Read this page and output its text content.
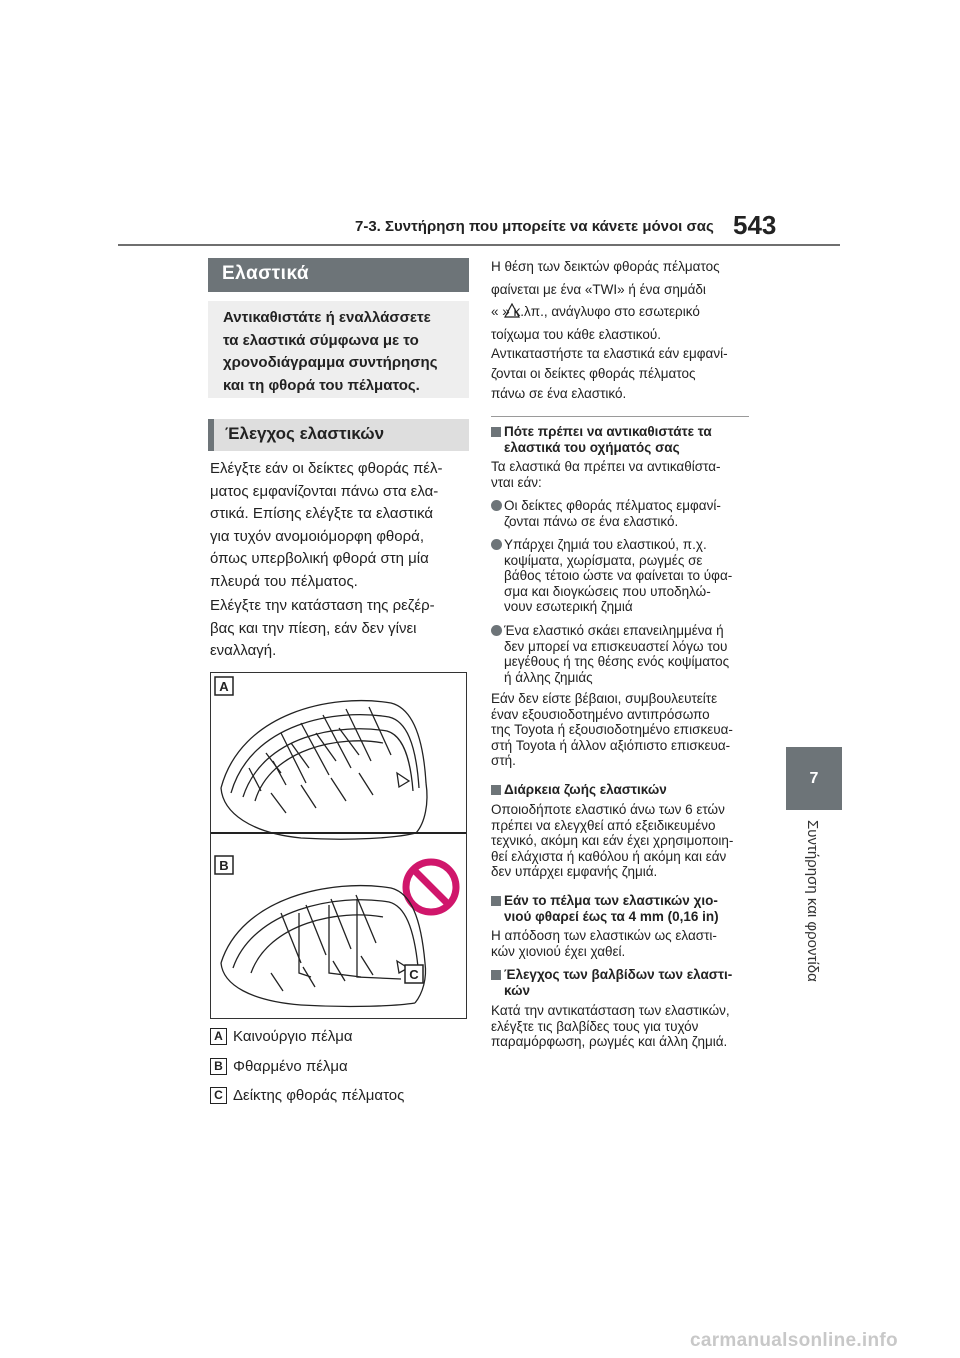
7-3. Συντήρηση που μπορείτε να κάνετε μόνοι σας 543
7
Συντήρηση και φροντίδα
Ελαστικά
Αντικαθιστάτε ή εναλλάσσετε
τα ελαστικά σύμφωνα με το
χρονοδιάγραμμα συντήρησης
και τη φθορά του πέλματος.
Έλεγχος ελαστικών
Ελέγξτε εάν οι δείκτες φθοράς πέλ-
ματος εμφανίζονται πάνω στα ελα-
στικά. Επίσης ελέγξτε τα ελαστικά
για τυχόν ανομοιόμορφη φθορά,
όπως υπερβολική φθορά στη μία
πλευρά του πέλματος.
Ελέγξτε την κατάσταση της ρεζέρ-
βας και την πίεση, εάν δεν γίνει
εναλλαγή.
A
B
C
A Καινούργιο πέλμα
B Φθαρμένο πέλμα
C Δείκτης φθοράς πέλματος
Η θέση των δεικτών φθοράς πέλματος
φαίνεται με ένα «TWI» ή ένα σημάδι
« » κ.λπ., ανάγλυφο στο εσωτερικό
τοίχωμα του κάθε ελαστικού.
Αντικαταστήστε τα ελαστικά εάν εμφανί-
ζονται οι δείκτες φθοράς πέλματος
πάνω σε ένα ελαστικό.
Πότε πρέπει να αντικαθιστάτε τα
ελαστικά του οχήματός σας
Τα ελαστικά θα πρέπει να αντικαθίστα-
νται εάν:
Οι δείκτες φθοράς πέλματος εμφανί-
ζονται πάνω σε ένα ελαστικό.
Υπάρχει ζημιά του ελαστικού, π.χ.
κοψίματα, χωρίσματα, ρωγμές σε
βάθος τέτοιο ώστε να φαίνεται το ύφα-
σμα και διογκώσεις που υποδηλώ-
νουν εσωτερική ζημιά
Ένα ελαστικό σκάει επανειλημμένα ή
δεν μπορεί να επισκευαστεί λόγω του
μεγέθους ή της θέσης ενός κοψίματος
ή άλλης ζημιάς
Εάν δεν είστε βέβαιοι, συμβουλευτείτε
έναν εξουσιοδοτημένο αντιπρόσωπο
της Toyota ή εξουσιοδοτημένο επισκευα-
στή Toyota ή άλλον αξιόπιστο επισκευα-
στή.
Διάρκεια ζωής ελαστικών
Οποιοδήποτε ελαστικό άνω των 6 ετών
πρέπει να ελεγχθεί από εξειδικευμένο
τεχνικό, ακόμη και εάν έχει χρησιμοποιη-
θεί ελάχιστα ή καθόλου ή ακόμη και εάν
δεν υπάρχει εμφανής ζημιά.
Εάν το πέλμα των ελαστικών χιο-
νιού φθαρεί έως τα 4 mm (0,16 in)
Η απόδοση των ελαστικών ως ελαστι-
κών χιονιού έχει χαθεί.
Έλεγχος των βαλβίδων των ελαστι-
κών
Κατά την αντικατάσταση των ελαστικών,
ελέγξτε τις βαλβίδες τους για τυχόν
παραμόρφωση, ρωγμές και άλλη ζημιά.
carmanualsonline.info
